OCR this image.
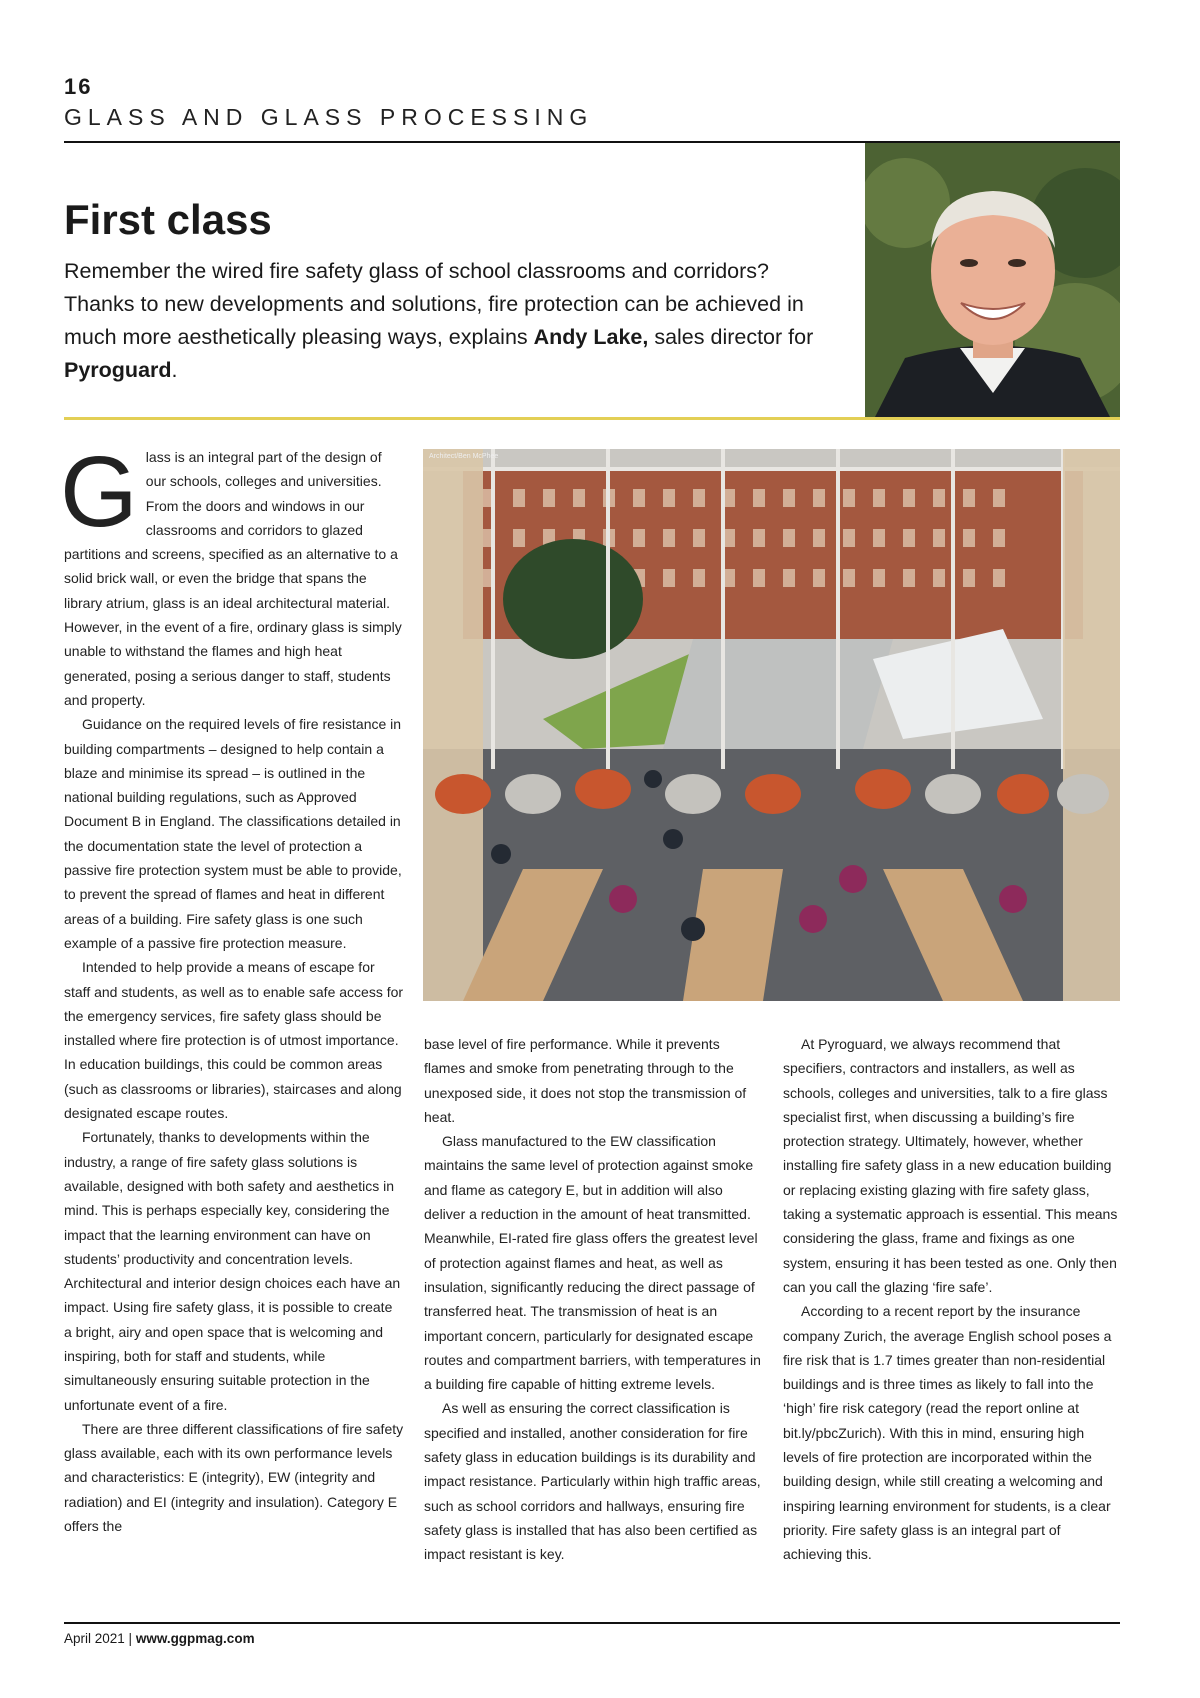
16
GLASS AND GLASS PROCESSING
First class

Remember the wired fire safety glass of school classrooms and corridors? Thanks to new developments and solutions, fire protection can be achieved in much more aesthetically pleasing ways, explains Andy Lake, sales director for Pyroguard.

Architect/Ben McPhee
G lass is an integral part of the design of our schools, colleges and universities. From the doors and windows in our classrooms and corridors to glazed partitions and screens, specified as an alternative to a solid brick wall, or even the bridge that spans the library atrium, glass is an ideal architectural material. However, in the event of a fire, ordinary glass is simply unable to withstand the flames and high heat generated, posing a serious danger to staff, students and property.

Guidance on the required levels of fire resistance in building compartments – designed to help contain a blaze and minimise its spread – is outlined in the national building regulations, such as Approved Document B in England. The classifications detailed in the documentation state the level of protection a passive fire protection system must be able to provide, to prevent the spread of flames and heat in different areas of a building. Fire safety glass is one such example of a passive fire protection measure.

Intended to help provide a means of escape for staff and students, as well as to enable safe access for the emergency services, fire safety glass should be installed where fire protection is of utmost importance. In education buildings, this could be common areas (such as classrooms or libraries), staircases and along designated escape routes.

Fortunately, thanks to developments within the industry, a range of fire safety glass solutions is available, designed with both safety and aesthetics in mind. This is perhaps especially key, considering the impact that the learning environment can have on students’ productivity and concentration levels. Architectural and interior design choices each have an impact. Using fire safety glass, it is possible to create a bright, airy and open space that is welcoming and inspiring, both for staff and students, while simultaneously ensuring suitable protection in the unfortunate event of a fire.

There are three different classifications of fire safety glass available, each with its own performance levels and characteristics: E (integrity), EW (integrity and radiation) and EI (integrity and insulation). Category E offers the

base level of fire performance. While it prevents flames and smoke from penetrating through to the unexposed side, it does not stop the transmission of heat.

Glass manufactured to the EW classification maintains the same level of protection against smoke and flame as category E, but in addition will also deliver a reduction in the amount of heat transmitted. Meanwhile, EI-rated fire glass offers the greatest level of protection against flames and heat, as well as insulation, significantly reducing the direct passage of transferred heat. The transmission of heat is an important concern, particularly for designated escape routes and compartment barriers, with temperatures in a building fire capable of hitting extreme levels.

As well as ensuring the correct classification is specified and installed, another consideration for fire safety glass in education buildings is its durability and impact resistance. Particularly within high traffic areas, such as school corridors and hallways, ensuring fire safety glass is installed that has also been certified as impact resistant is key.

At Pyroguard, we always recommend that specifiers, contractors and installers, as well as schools, colleges and universities, talk to a fire glass specialist first, when discussing a building’s fire protection strategy. Ultimately, however, whether installing fire safety glass in a new education building or replacing existing glazing with fire safety glass, taking a systematic approach is essential. This means considering the glass, frame and fixings as one system, ensuring it has been tested as one. Only then can you call the glazing ‘fire safe’.

According to a recent report by the insurance company Zurich, the average English school poses a fire risk that is 1.7 times greater than non-residential buildings and is three times as likely to fall into the ‘high’ fire risk category (read the report online at bit.ly/pbcZurich). With this in mind, ensuring high levels of fire protection are incorporated within the building design, while still creating a welcoming and inspiring learning environment for students, is a clear priority. Fire safety glass is an integral part of achieving this.

April 2021 | www.ggpmag.com
